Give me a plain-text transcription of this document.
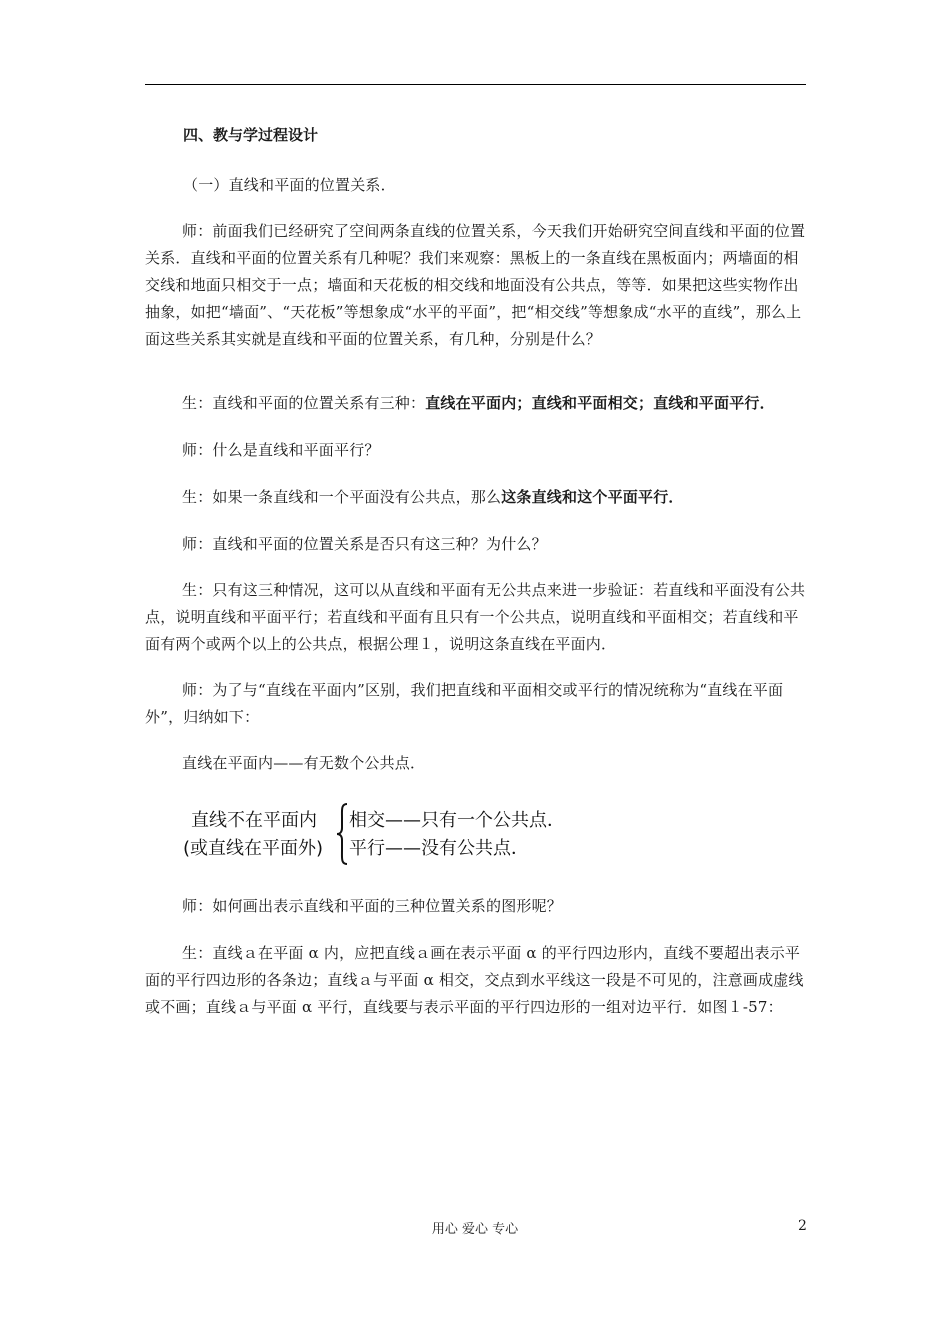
四、教与学过程设计
（一）直线和平面的位置关系．
师：前面我们已经研究了空间两条直线的位置关系，今天我们开始研究空间直线和平面的位置关系．直线和平面的位置关系有几种呢？我们来观察：黑板上的一条直线在黑板面内；两墙面的相交线和地面只相交于一点；墙面和天花板的相交线和地面没有公共点，等等．如果把这些实物作出抽象，如把“墙面”、“天花板”等想象成“水平的平面”，把“相交线”等想象成“水平的直线”，那么上面这些关系其实就是直线和平面的位置关系，有几种，分别是什么？
生：直线和平面的位置关系有三种：直线在平面内；直线和平面相交；直线和平面平行．
师：什么是直线和平面平行？
生：如果一条直线和一个平面没有公共点，那么这条直线和这个平面平行．
师：直线和平面的位置关系是否只有这三种？为什么？
生：只有这三种情况，这可以从直线和平面有无公共点来进一步验证：若直线和平面没有公共点，说明直线和平面平行；若直线和平面有且只有一个公共点，说明直线和平面相交；若直线和平面有两个或两个以上的公共点，根据公理１，说明这条直线在平面内．
师：为了与“直线在平面内”区别，我们把直线和平面相交或平行的情况统称为“直线在平面外”，归纳如下：
直线在平面内——有无数个公共点．
直线不在平面内
(或直线在平面外)
相交——只有一个公共点．
平行——没有公共点．
师：如何画出表示直线和平面的三种位置关系的图形呢？
生：直线ａ在平面 α 内，应把直线ａ画在表示平面 α 的平行四边形内，直线不要超出表示平面的平行四边形的各条边；直线ａ与平面 α 相交，交点到水平线这一段是不可见的，注意画成虚线或不画；直线ａ与平面 α 平行，直线要与表示平面的平行四边形的一组对边平行．如图１-57：
用心 爱心 专心	2
